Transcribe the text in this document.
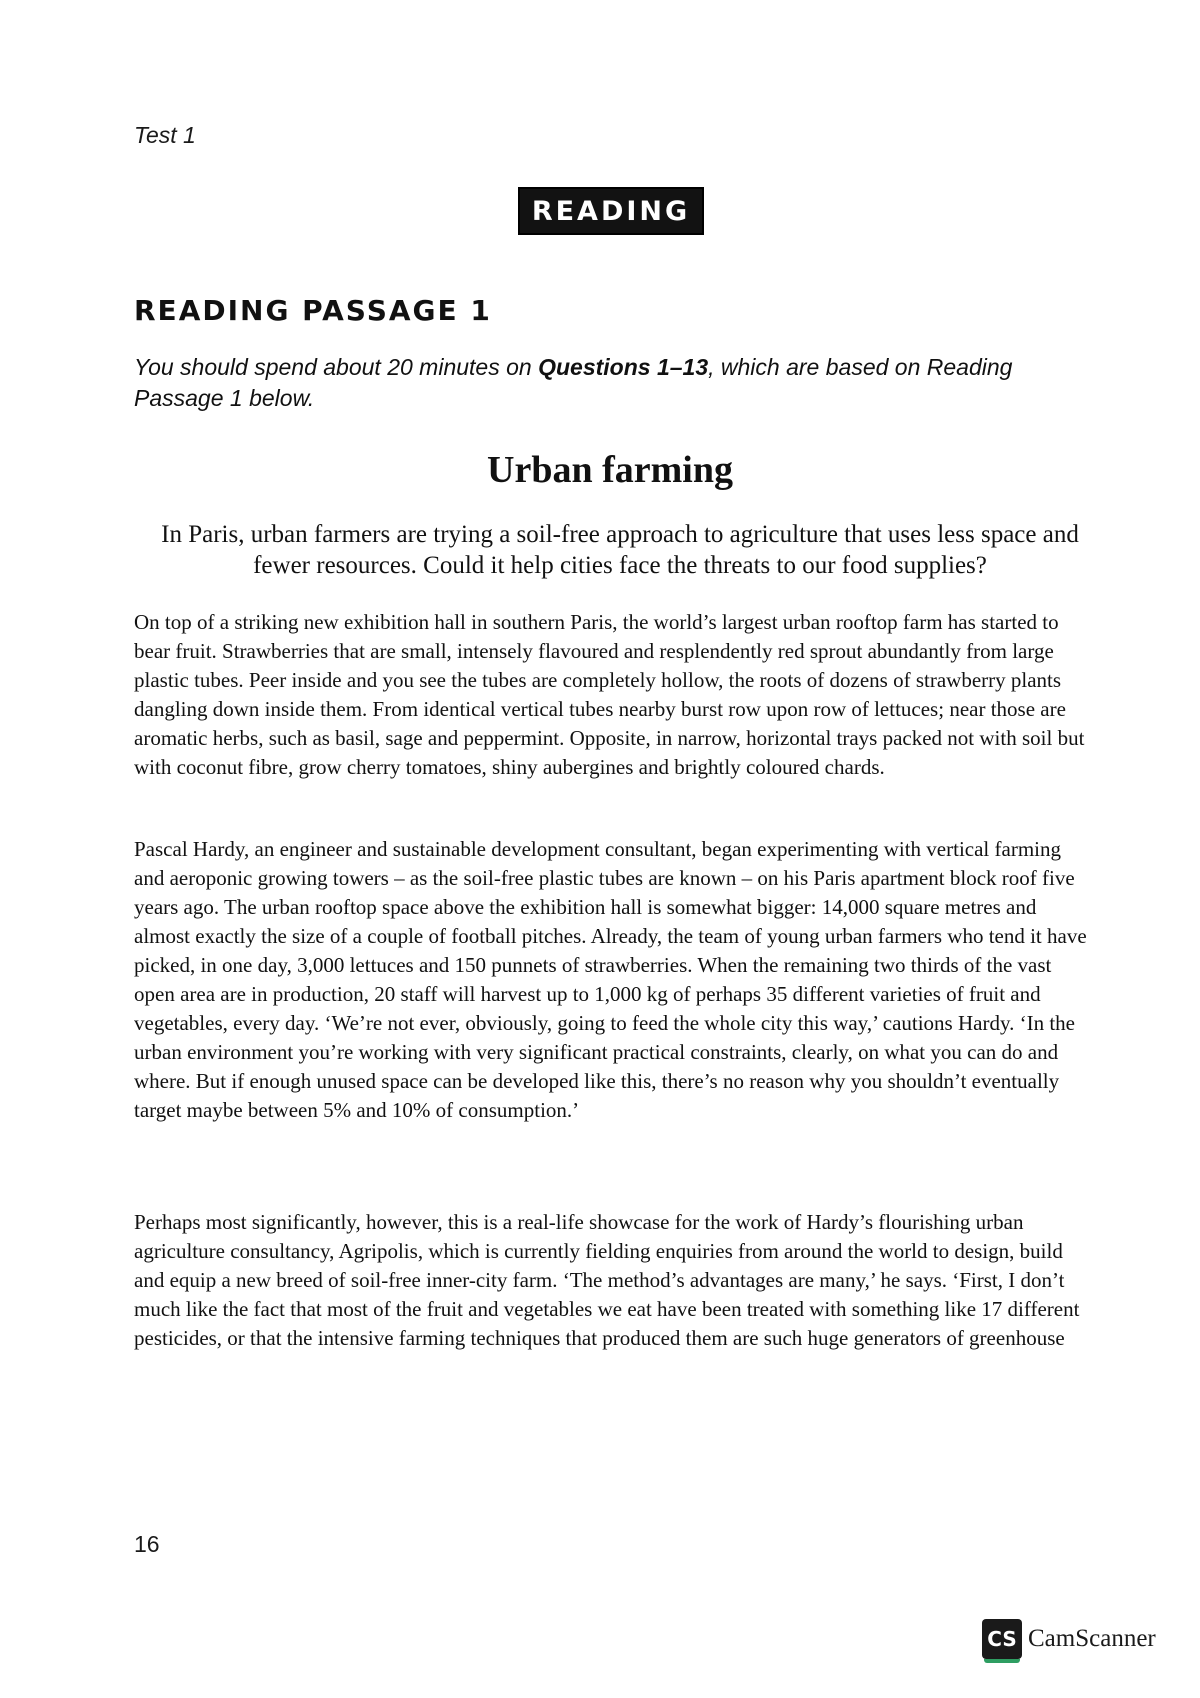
Test 1
READING
READING PASSAGE 1
You should spend about 20 minutes on Questions 1–13, which are based on Reading Passage 1 below.
Urban farming
In Paris, urban farmers are trying a soil-free approach to agriculture that uses less space and fewer resources. Could it help cities face the threats to our food supplies?

On top of a striking new exhibition hall in southern Paris, the world’s largest urban rooftop farm has started to bear fruit. Strawberries that are small, intensely flavoured and resplendently red sprout abundantly from large plastic tubes. Peer inside and you see the tubes are completely hollow, the roots of dozens of strawberry plants dangling down inside them. From identical vertical tubes nearby burst row upon row of lettuces; near those are aromatic herbs, such as basil, sage and peppermint. Opposite, in narrow, horizontal trays packed not with soil but with coconut fibre, grow cherry tomatoes, shiny aubergines and brightly coloured chards.

Pascal Hardy, an engineer and sustainable development consultant, began experimenting with vertical farming and aeroponic growing towers – as the soil-free plastic tubes are known – on his Paris apartment block roof five years ago. The urban rooftop space above the exhibition hall is somewhat bigger: 14,000 square metres and almost exactly the size of a couple of football pitches. Already, the team of young urban farmers who tend it have picked, in one day, 3,000 lettuces and 150 punnets of strawberries. When the remaining two thirds of the vast open area are in production, 20 staff will harvest up to 1,000 kg of perhaps 35 different varieties of fruit and vegetables, every day. ‘We’re not ever, obviously, going to feed the whole city this way,’ cautions Hardy. ‘In the urban environment you’re working with very significant practical constraints, clearly, on what you can do and where. But if enough unused space can be developed like this, there’s no reason why you shouldn’t eventually target maybe between 5% and 10% of consumption.’

Perhaps most significantly, however, this is a real-life showcase for the work of Hardy’s flourishing urban agriculture consultancy, Agripolis, which is currently fielding enquiries from around the world to design, build and equip a new breed of soil-free inner-city farm. ‘The method’s advantages are many,’ he says. ‘First, I don’t much like the fact that most of the fruit and vegetables we eat have been treated with something like 17 different pesticides, or that the intensive farming techniques that produced them are such huge generators of greenhouse

16
CS CamScanner
